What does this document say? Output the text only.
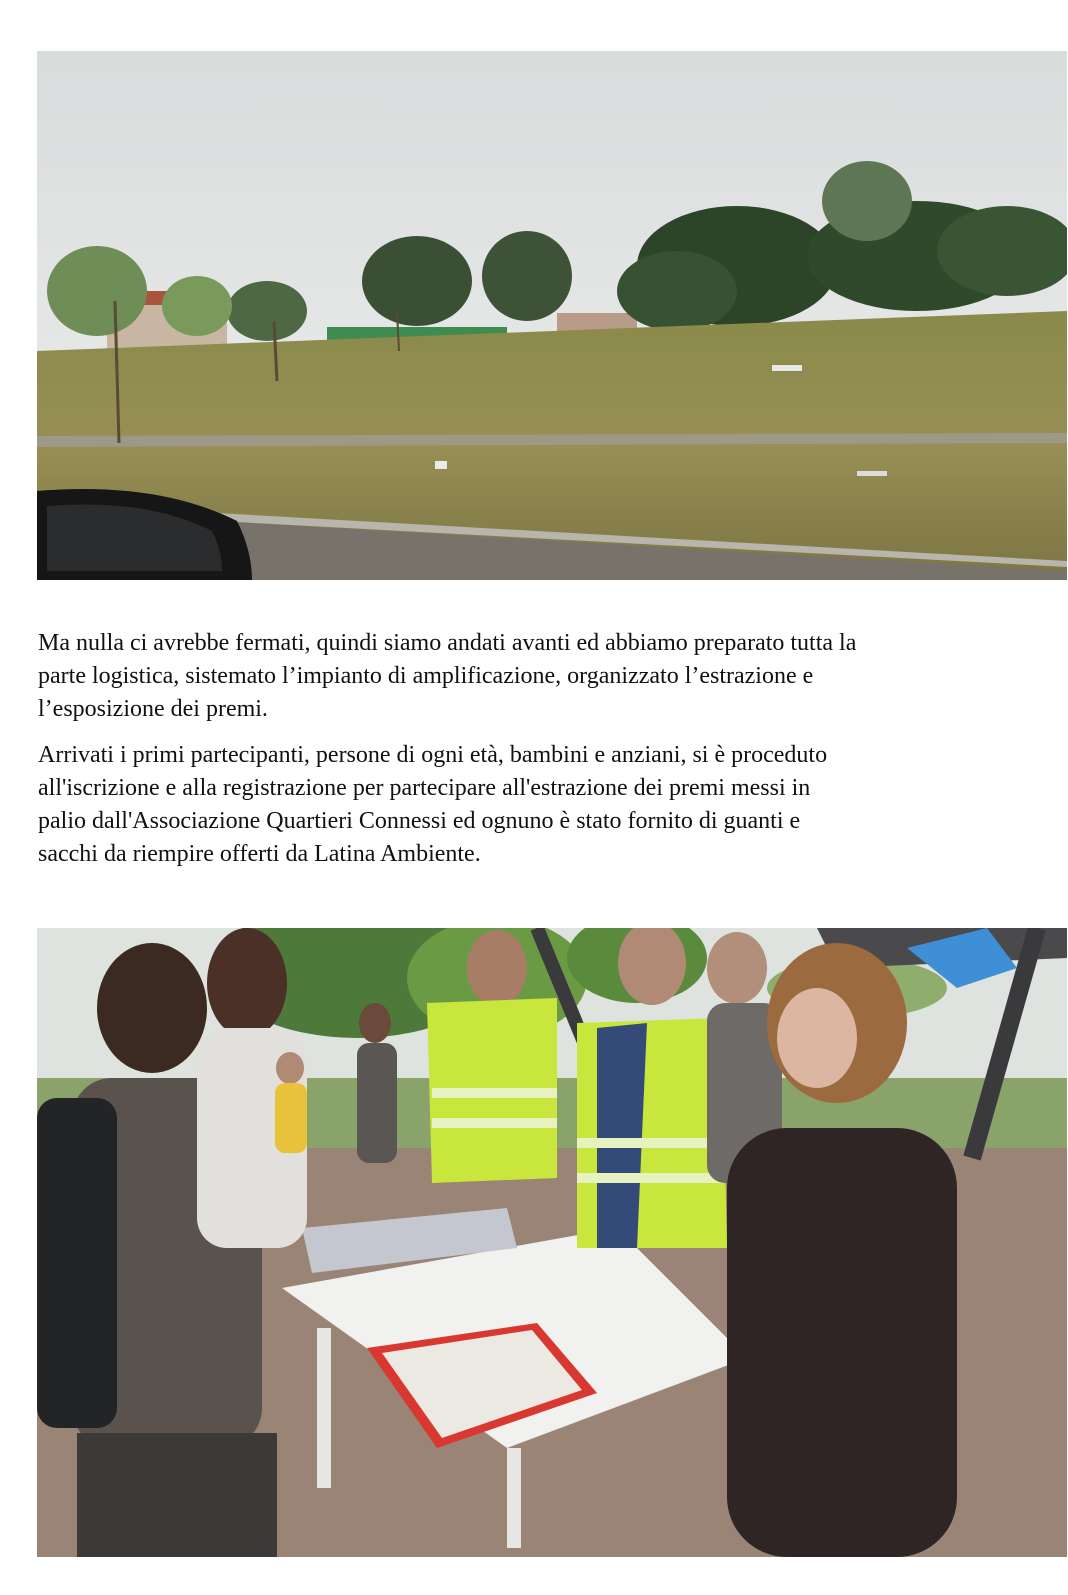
Ma nulla ci avrebbe fermati, quindi siamo andati avanti ed abbiamo preparato tutta la
parte logistica, sistemato l’impianto di amplificazione, organizzato l’estrazione e
l’esposizione dei premi.

Arrivati i primi partecipanti, persone di ogni età, bambini e anziani, si è proceduto
all'iscrizione e alla registrazione per partecipare all'estrazione dei premi messi in
palio dall'Associazione Quartieri Connessi ed ognuno è stato fornito di guanti e
sacchi da riempire offerti da Latina Ambiente.
